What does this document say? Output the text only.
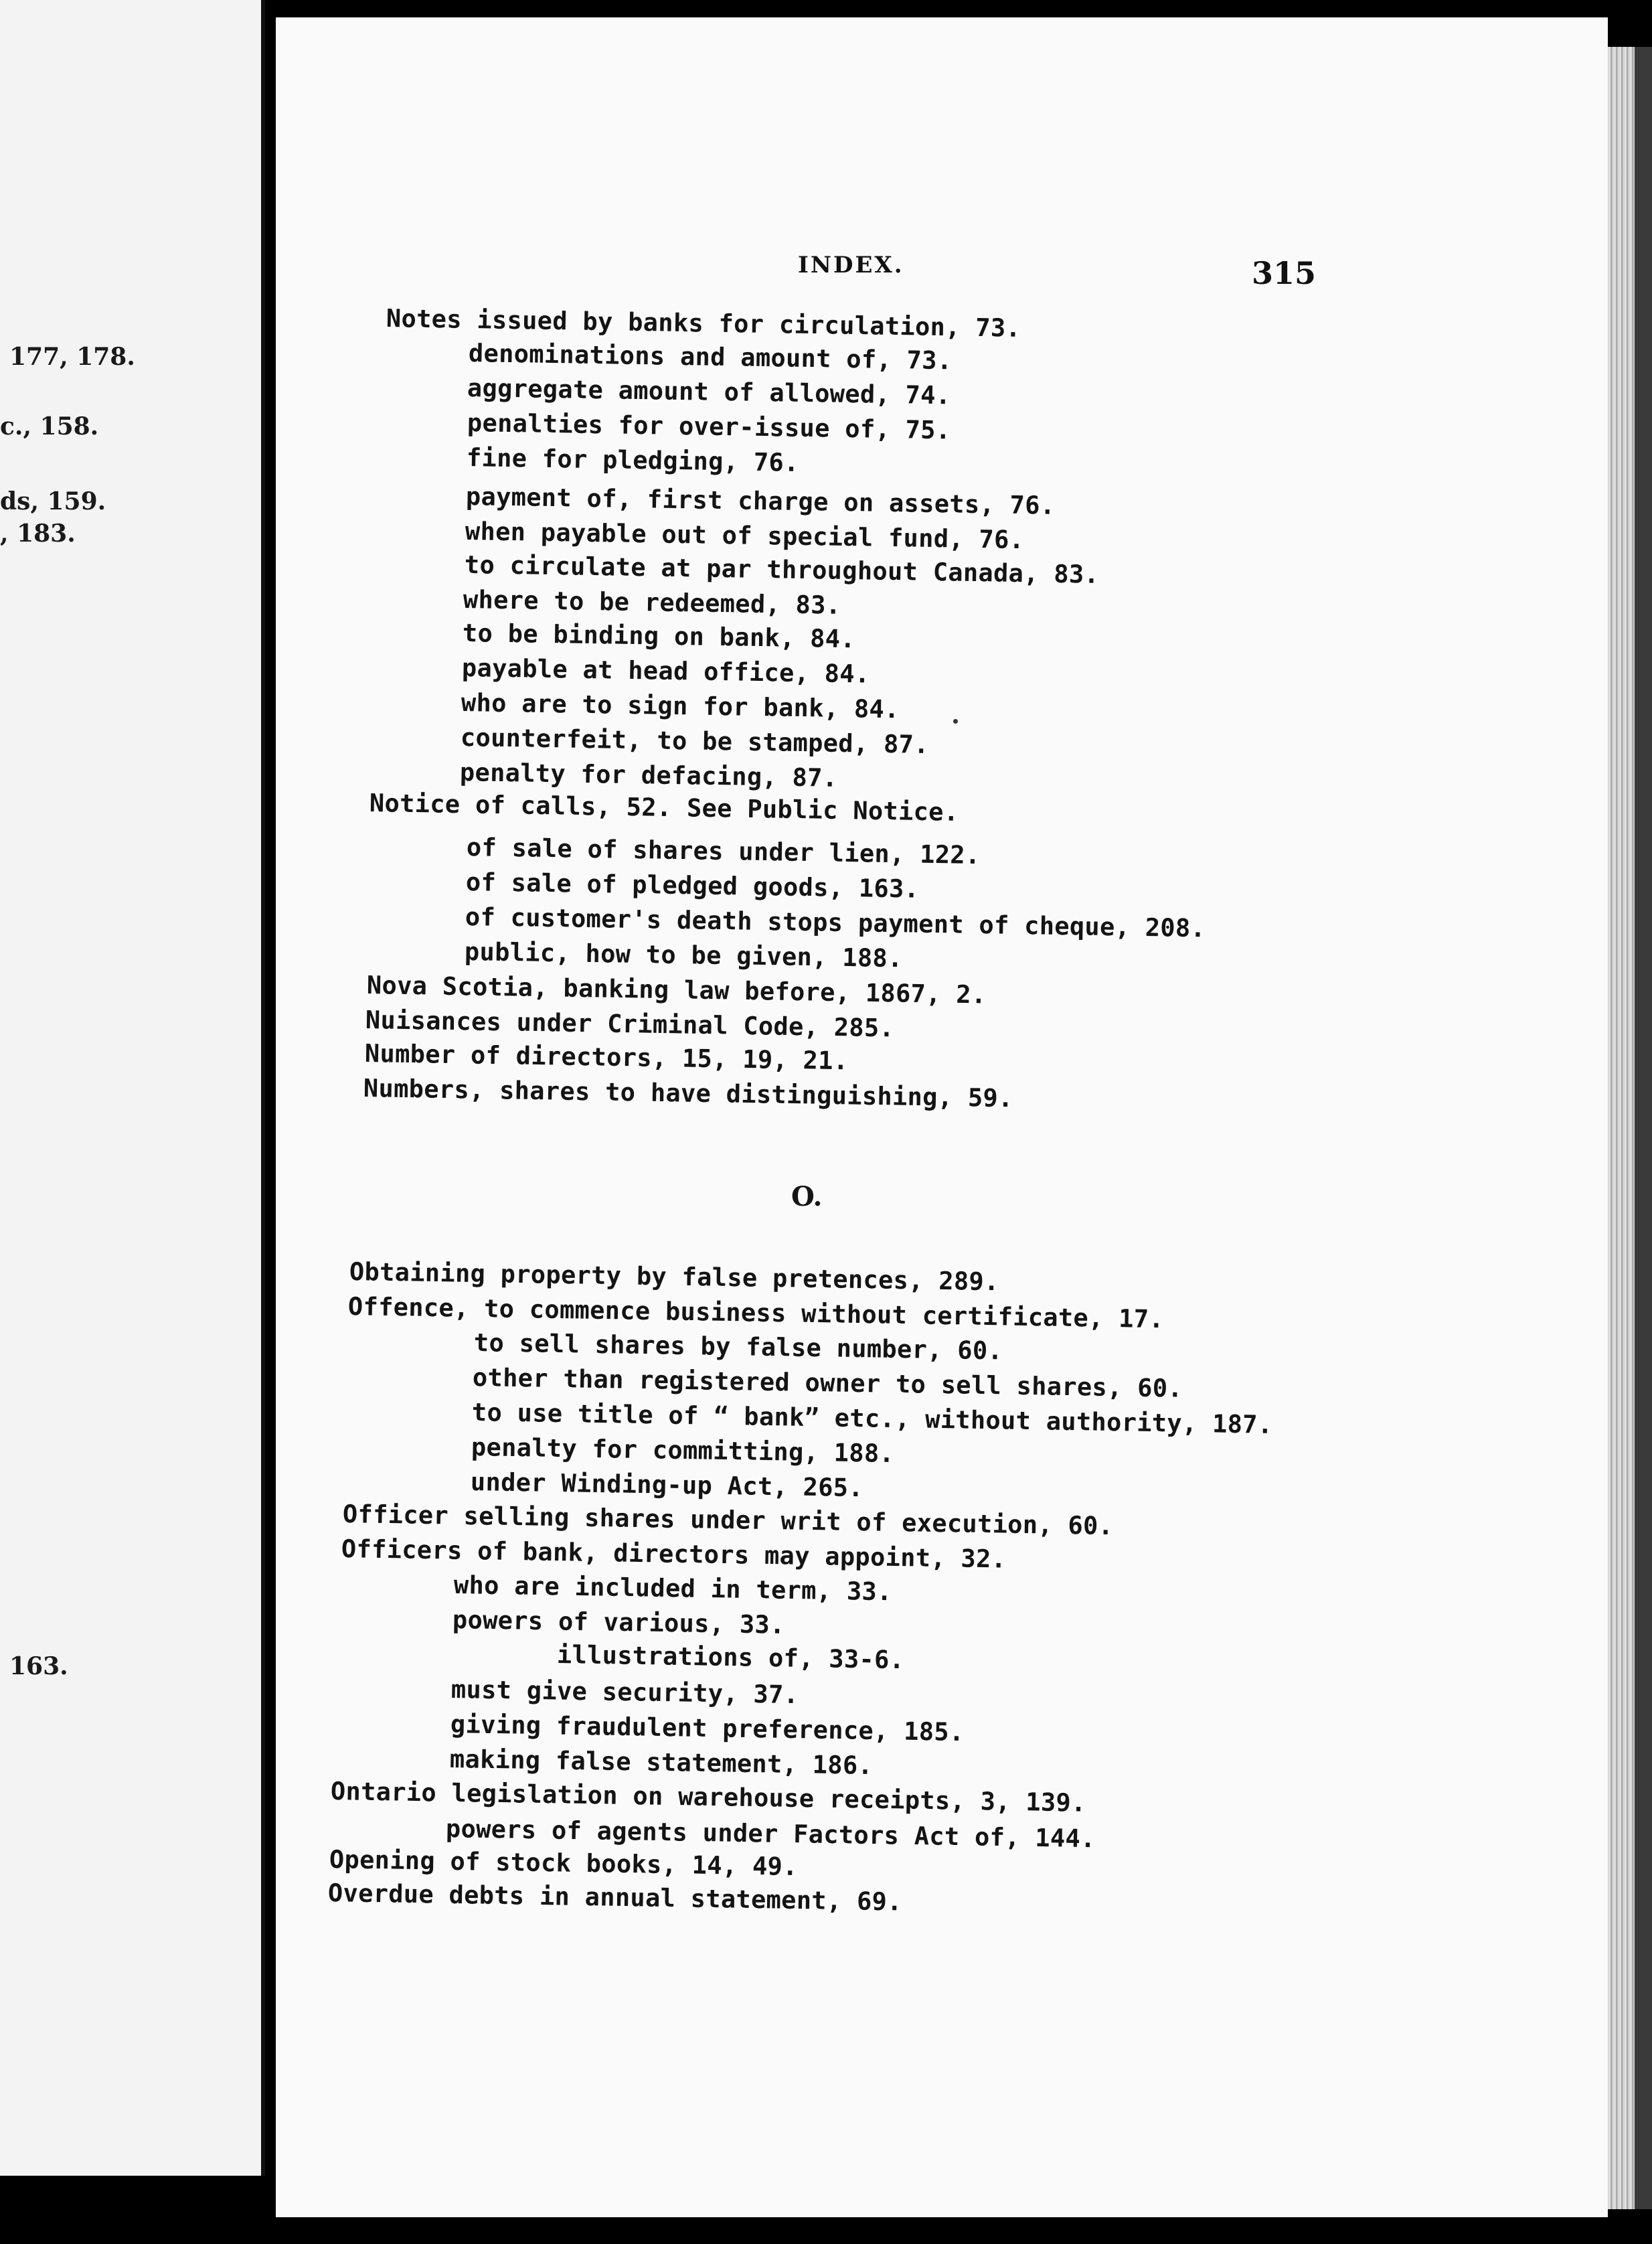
177, 178.
c., 158.
ds, 159.
, 183.
163.
INDEX.	315
Notes issued by banks for circulation, 73.
denominations and amount of, 73.
aggregate amount of allowed, 74.
penalties for over-issue of, 75.
fine for pledging, 76.
payment of, first charge on assets, 76.
when payable out of special fund, 76.
to circulate at par throughout Canada, 83.
where to be redeemed, 83.
to be binding on bank, 84.
payable at head office, 84.
who are to sign for bank, 84.
counterfeit, to be stamped, 87.
penalty for defacing, 87.
Notice of calls, 52. See Public Notice.
of sale of shares under lien, 122.
of sale of pledged goods, 163.
of customer's death stops payment of cheque, 208.
public, how to be given, 188.
Nova Scotia, banking law before, 1867, 2.
Nuisances under Criminal Code, 285.
Number of directors, 15, 19, 21.
Numbers, shares to have distinguishing, 59.
Obtaining property by false pretences, 289.
Offence, to commence business without certificate, 17.
to sell shares by false number, 60.
other than registered owner to sell shares, 60.
to use title of “ bank” etc., without authority, 187.
penalty for committing, 188.
under Winding-up Act, 265.
Officer selling shares under writ of execution, 60.
Officers of bank, directors may appoint, 32.
who are included in term, 33.
powers of various, 33.
illustrations of, 33-6.
must give security, 37.
giving fraudulent preference, 185.
making false statement, 186.
Ontario legislation on warehouse receipts, 3, 139.
powers of agents under Factors Act of, 144.
Opening of stock books, 14, 49.
Overdue debts in annual statement, 69.
O.
